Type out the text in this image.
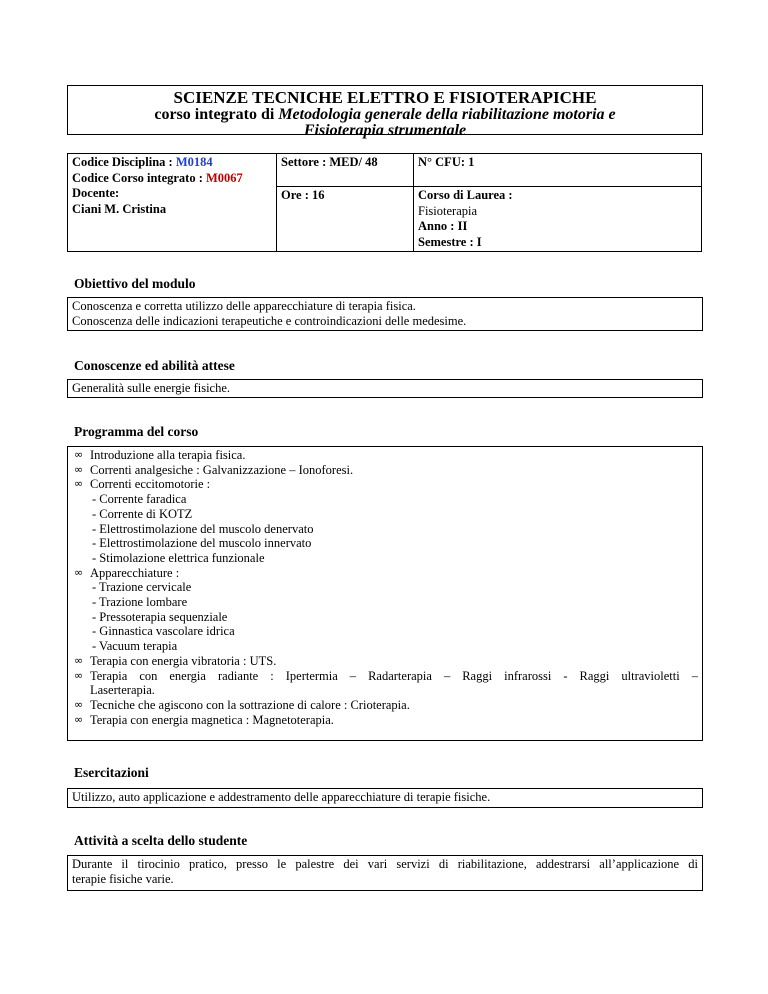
SCIENZE TECNICHE ELETTRO E FISIOTERAPICHE
corso integrato di Metodologia generale della riabilitazione motoria e
Fisioterapia strumentale
Codice Disciplina : M0184
Codice Corso integrato : M0067
Docente:
Ciani M. Cristina	Settore : MED/ 48	N° CFU: 1
	Ore : 16	Corso di Laurea :
Fisioterapia
Anno : II
Semestre : I
Obiettivo del modulo

Conoscenza e corretta utilizzo delle apparecchiature di terapia fisica.

Conoscenza delle indicazioni terapeutiche e controindicazioni delle medesime.

Conoscenze ed abilità attese

Generalità sulle energie fisiche.

Programma del corso
∞ Introduzione alla terapia fisica.
∞ Correnti analgesiche : Galvanizzazione – Ionoforesi.
∞ Correnti eccitomotorie :
- Corrente faradica
- Corrente di KOTZ
- Elettrostimolazione del muscolo denervato
- Elettrostimolazione del muscolo innervato
- Stimolazione elettrica funzionale
∞ Apparecchiature :
- Trazione cervicale
- Trazione lombare
- Pressoterapia sequenziale
- Ginnastica vascolare idrica
- Vacuum terapia
∞ Terapia con energia vibratoria : UTS.
∞ Terapia con energia radiante : Ipertermia – Radarterapia – Raggi infrarossi - Raggi ultravioletti –
Laserterapia.
∞ Tecniche che agiscono con la sottrazione di calore : Crioterapia.
∞ Terapia con energia magnetica : Magnetoterapia.
Esercitazioni

Utilizzo, auto applicazione e addestramento delle apparecchiature di terapie fisiche.

Attività a scelta dello studente

Durante il tirocinio pratico, presso le palestre dei vari servizi di riabilitazione, addestrarsi all’applicazione di

terapie fisiche varie.
